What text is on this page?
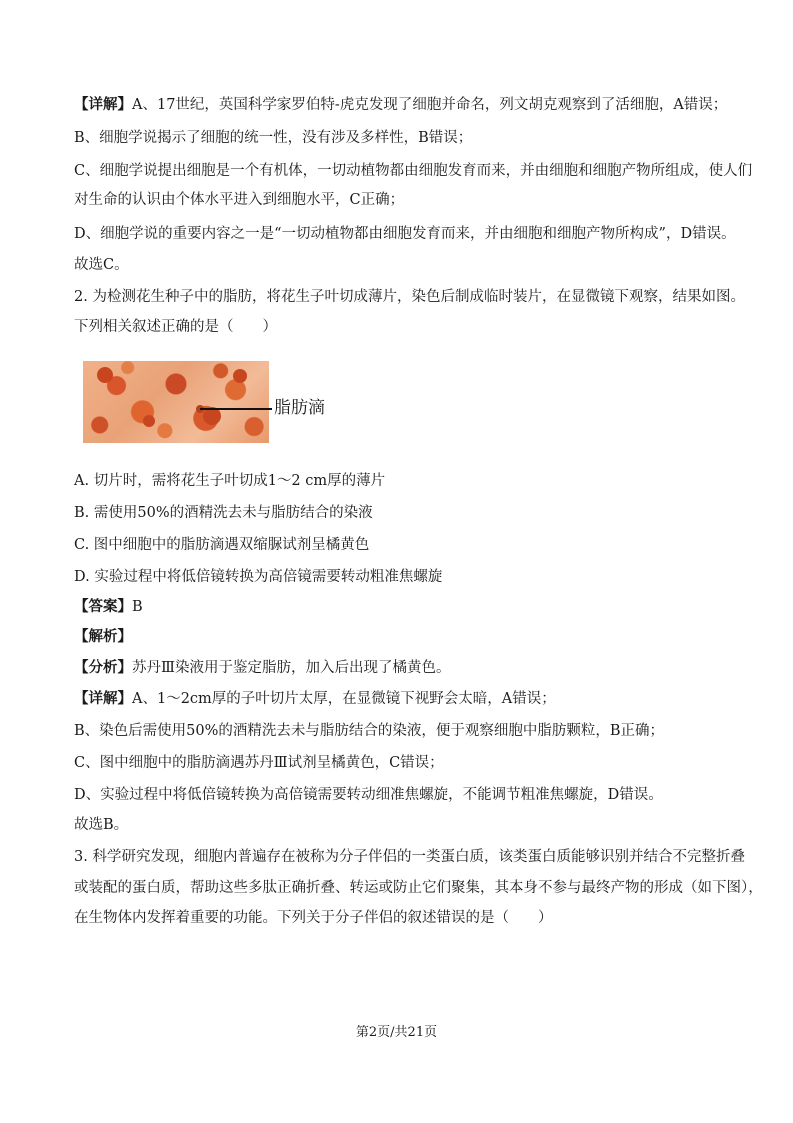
【详解】A、17世纪，英国科学家罗伯特-虎克发现了细胞并命名，列文胡克观察到了活细胞，A错误；

B、细胞学说揭示了细胞的统一性，没有涉及多样性，B错误；

C、细胞学说提出细胞是一个有机体，一切动植物都由细胞发育而来，并由细胞和细胞产物所组成，使人们

对生命的认识由个体水平进入到细胞水平，C正确；

D、细胞学说的重要内容之一是“一切动植物都由细胞发育而来，并由细胞和细胞产物所构成”，D错误。

故选C。

2. 为检测花生种子中的脂肪，将花生子叶切成薄片，染色后制成临时装片，在显微镜下观察，结果如图。

下列相关叙述正确的是（　　）

脂肪滴

A. 切片时，需将花生子叶切成1～2 cm厚的薄片

B. 需使用50%的酒精洗去未与脂肪结合的染液

C. 图中细胞中的脂肪滴遇双缩脲试剂呈橘黄色

D. 实验过程中将低倍镜转换为高倍镜需要转动粗准焦螺旋

【答案】B

【解析】

【分析】苏丹Ⅲ染液用于鉴定脂肪，加入后出现了橘黄色。

【详解】A、1～2cm厚的子叶切片太厚，在显微镜下视野会太暗，A错误；

B、染色后需使用50%的酒精洗去未与脂肪结合的染液，便于观察细胞中脂肪颗粒，B正确；

C、图中细胞中的脂肪滴遇苏丹Ⅲ试剂呈橘黄色，C错误；

D、实验过程中将低倍镜转换为高倍镜需要转动细准焦螺旋，不能调节粗准焦螺旋，D错误。

故选B。

3. 科学研究发现，细胞内普遍存在被称为分子伴侣的一类蛋白质，该类蛋白质能够识别并结合不完整折叠

或装配的蛋白质，帮助这些多肽正确折叠、转运或防止它们聚集，其本身不参与最终产物的形成（如下图），

在生物体内发挥着重要的功能。下列关于分子伴侣的叙述错误的是（　　）

第2页/共21页
